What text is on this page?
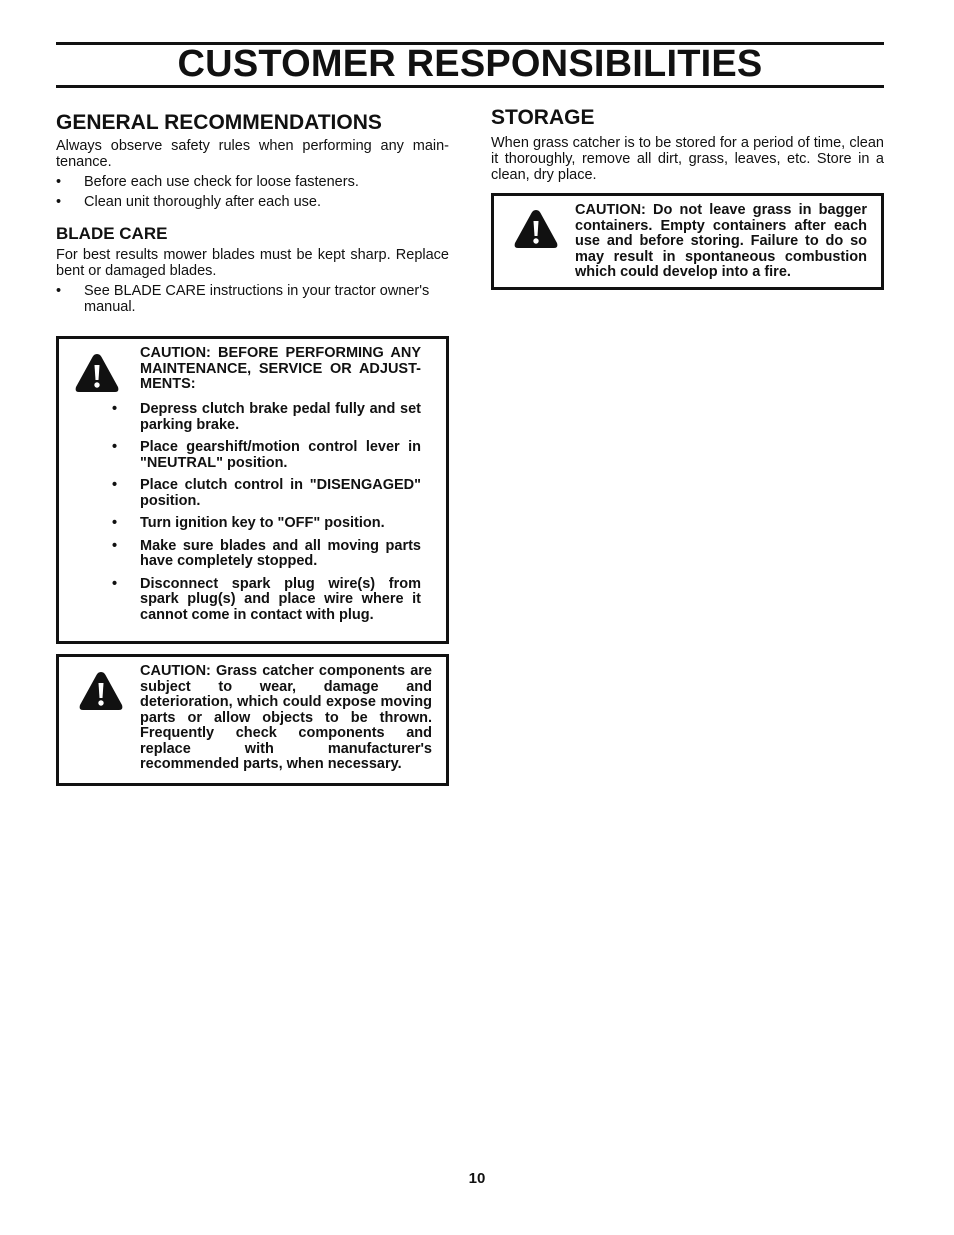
CUSTOMER RESPONSIBILITIES
GENERAL RECOMMENDATIONS

Always observe safety rules when performing any main-tenance.

• Before each use check for loose fasteners.
• Clean unit thoroughly after each use.
BLADE CARE

For best results mower blades must be kept sharp. Replace bent or damaged blades.

• See BLADE CARE instructions in your tractor owner's manual.

CAUTION: BEFORE PERFORMING ANY MAINTENANCE, SERVICE OR ADJUST-MENTS:

• Depress clutch brake pedal fully and set parking brake.
• Place gearshift/motion control lever in "NEUTRAL" position.
• Place clutch control in "DISENGAGED" position.
• Turn ignition key to "OFF" position.
• Make sure blades and all moving parts have completely stopped.
• Disconnect spark plug wire(s) from spark plug(s) and place wire where it cannot come in contact with plug.

CAUTION: Grass catcher components are subject to wear, damage and deterioration, which could expose moving parts or allow objects to be thrown. Frequently check components and replace with manufacturer's recommended parts, when necessary.

STORAGE

When grass catcher is to be stored for a period of time, clean it thoroughly, remove all dirt, grass, leaves, etc. Store in a clean, dry place.

CAUTION: Do not leave grass in bagger containers. Empty containers after each use and before storing. Failure to do so may result in spontaneous combustion which could develop into a fire.

10
